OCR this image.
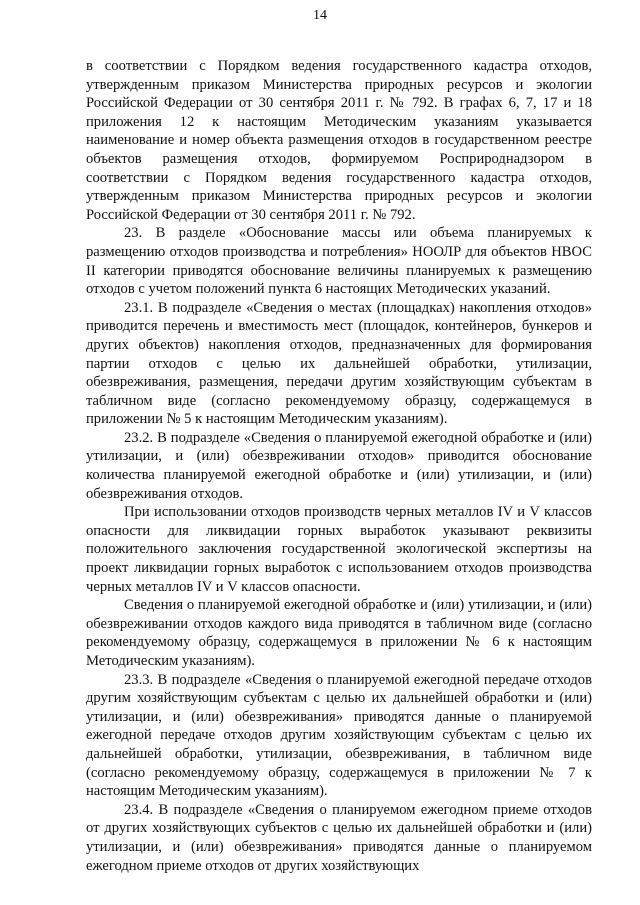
14

в соответствии с Порядком ведения государственного кадастра отходов, утвержденным приказом Министерства природных ресурсов и экологии Российской Федерации от 30 сентября 2011 г. № 792. В графах 6, 7, 17 и 18 приложения 12 к настоящим Методическим указаниям указывается наименование и номер объекта размещения отходов в государственном реестре объектов размещения отходов, формируемом Росприроднадзором в соответствии с Порядком ведения государственного кадастра отходов, утвержденным приказом Министерства природных ресурсов и экологии Российской Федерации от 30 сентября 2011 г. № 792.

23. В разделе «Обоснование массы или объема планируемых к размещению отходов производства и потребления» НООЛР для объектов НВОС II категории приводятся обоснование величины планируемых к размещению отходов с учетом положений пункта 6 настоящих Методических указаний.

23.1. В подразделе «Сведения о местах (площадках) накопления отходов» приводится перечень и вместимость мест (площадок, контейнеров, бункеров и других объектов) накопления отходов, предназначенных для формирования партии отходов с целью их дальнейшей обработки, утилизации, обезвреживания, размещения, передачи другим хозяйствующим субъектам в табличном виде (согласно рекомендуемому образцу, содержащемуся в приложении № 5 к настоящим Методическим указаниям).

23.2. В подразделе «Сведения о планируемой ежегодной обработке и (или) утилизации, и (или) обезвреживании отходов» приводится обоснование количества планируемой ежегодной обработке и (или) утилизации, и (или) обезвреживания отходов.

При использовании отходов производств черных металлов IV и V классов опасности для ликвидации горных выработок указывают реквизиты положительного заключения государственной экологической экспертизы на проект ликвидации горных выработок с использованием отходов производства черных металлов IV и V классов опасности.

Сведения о планируемой ежегодной обработке и (или) утилизации, и (или) обезвреживании отходов каждого вида приводятся в табличном виде (согласно рекомендуемому образцу, содержащемуся в приложении № 6 к настоящим Методическим указаниям).

23.3. В подразделе «Сведения о планируемой ежегодной передаче отходов другим хозяйствующим субъектам с целью их дальнейшей обработки и (или) утилизации, и (или) обезвреживания» приводятся данные о планируемой ежегодной передаче отходов другим хозяйствующим субъектам с целью их дальнейшей обработки, утилизации, обезвреживания, в табличном виде (согласно рекомендуемому образцу, содержащемуся в приложении № 7 к настоящим Методическим указаниям).

23.4. В подразделе «Сведения о планируемом ежегодном приеме отходов от других хозяйствующих субъектов с целью их дальнейшей обработки и (или) утилизации, и (или) обезвреживания» приводятся данные о планируемом ежегодном приеме отходов от других хозяйствующих
